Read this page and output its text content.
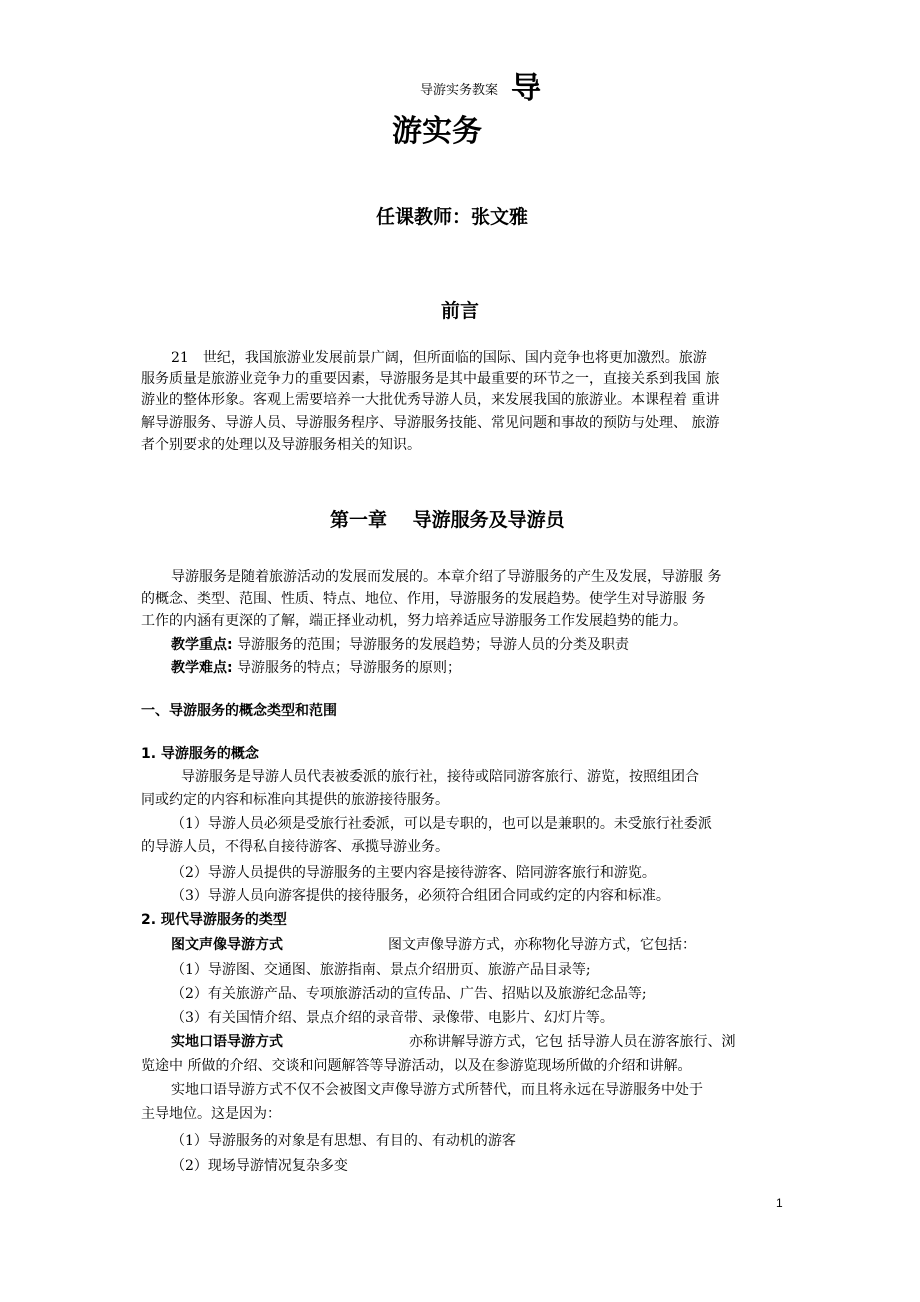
导游实务教案 导
游实务
任课教师：张文雅
前言
21　世纪，我国旅游业发展前景广阔，但所面临的国际、国内竞争也将更加激烈。旅游
服务质量是旅游业竞争力的重要因素，导游服务是其中最重要的环节之一，直接关系到我国 旅
游业的整体形象。客观上需要培养一大批优秀导游人员，来发展我国的旅游业。本课程着 重讲
解导游服务、导游人员、导游服务程序、导游服务技能、常见问题和事故的预防与处理、 旅游
者个别要求的处理以及导游服务相关的知识。
第一章　 导游服务及导游员
导游服务是随着旅游活动的发展而发展的。本章介绍了导游服务的产生及发展，导游服 务
的概念、类型、范围、性质、特点、地位、作用，导游服务的发展趋势。使学生对导游服 务
工作的内涵有更深的了解，端正择业动机，努力培养适应导游服务工作发展趋势的能力。
教学重点: 导游服务的范围；导游服务的发展趋势；导游人员的分类及职责
教学难点: 导游服务的特点；导游服务的原则；
一、导游服务的概念类型和范围
1. 导游服务的概念
导游服务是导游人员代表被委派的旅行社，接待或陪同游客旅行、游览，按照组团合
同或约定的内容和标准向其提供的旅游接待服务。
（1）导游人员必须是受旅行社委派，可以是专职的，也可以是兼职的。未受旅行社委派
的导游人员，不得私自接待游客、承揽导游业务。
（2）导游人员提供的导游服务的主要内容是接待游客、陪同游客旅行和游览。
（3）导游人员向游客提供的接待服务，必须符合组团合同或约定的内容和标准。
2. 现代导游服务的类型
图文声像导游方式	图文声像导游方式，亦称物化导游方式，它包括：
（1）导游图、交通图、旅游指南、景点介绍册页、旅游产品目录等;
（2）有关旅游产品、专项旅游活动的宣传品、广告、招贴以及旅游纪念品等;
（3）有关国情介绍、景点介绍的录音带、录像带、电影片、幻灯片等。
实地口语导游方式	亦称讲解导游方式，它包 括导游人员在游客旅行、浏
览途中 所做的介绍、交谈和问题解答等导游活动，以及在参游览现场所做的介绍和讲解。
实地口语导游方式不仅不会被图文声像导游方式所替代，而且将永远在导游服务中处于
主导地位。这是因为：
（1）导游服务的对象是有思想、有目的、有动机的游客
（2）现场导游情况复杂多变
1
